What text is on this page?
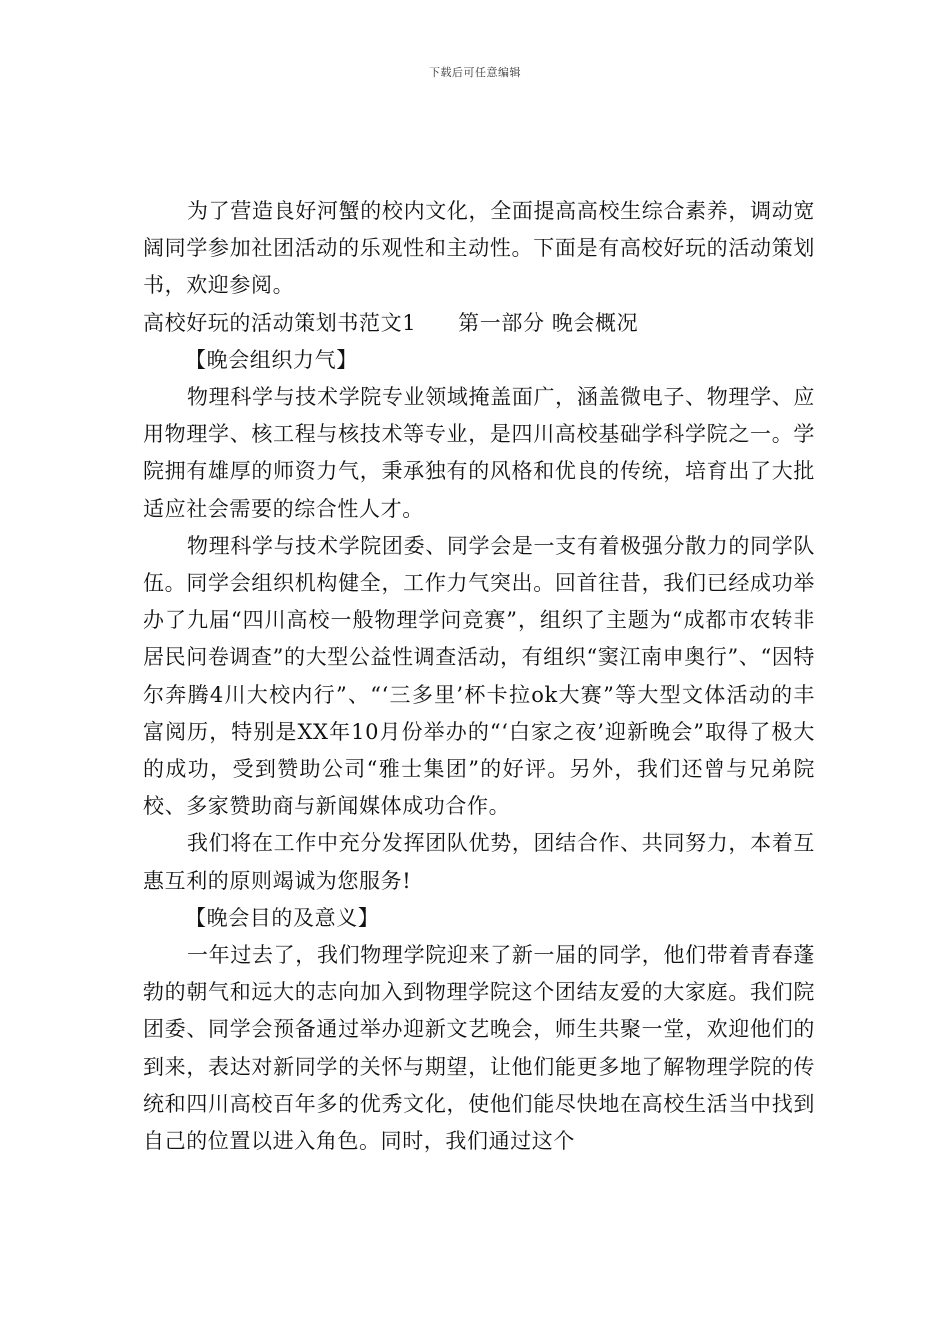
下载后可任意编辑

为了营造良好河蟹的校内文化，全面提高高校生综合素养，调动宽阔同学参加社团活动的乐观性和主动性。下面是有高校好玩的活动策划书，欢迎参阅。

高校好玩的活动策划书范文1 第一部分 晚会概况

【晚会组织力气】

物理科学与技术学院专业领域掩盖面广，涵盖微电子、物理学、应用物理学、核工程与核技术等专业，是四川高校基础学科学院之一。学院拥有雄厚的师资力气，秉承独有的风格和优良的传统，培育出了大批适应社会需要的综合性人才。

物理科学与技术学院团委、同学会是一支有着极强分散力的同学队伍。同学会组织机构健全，工作力气突出。回首往昔，我们已经成功举办了九届“四川高校一般物理学问竞赛”，组织了主题为“成都市农转非居民问卷调查”的大型公益性调查活动，有组织“窦江南申奥行”、“因特尔奔腾4川大校内行”、“‘三多里’杯卡拉ok大赛”等大型文体活动的丰富阅历，特别是XX年10月份举办的“‘白家之夜’迎新晚会”取得了极大的成功，受到赞助公司“雅士集团”的好评。另外，我们还曾与兄弟院校、多家赞助商与新闻媒体成功合作。

我们将在工作中充分发挥团队优势，团结合作、共同努力，本着互惠互利的原则竭诚为您服务!

【晚会目的及意义】

一年过去了，我们物理学院迎来了新一届的同学，他们带着青春蓬勃的朝气和远大的志向加入到物理学院这个团结友爱的大家庭。我们院团委、同学会预备通过举办迎新文艺晚会，师生共聚一堂，欢迎他们的到来，表达对新同学的关怀与期望，让他们能更多地了解物理学院的传统和四川高校百年多的优秀文化，使他们能尽快地在高校生活当中找到自己的位置以进入角色。同时，我们通过这个
